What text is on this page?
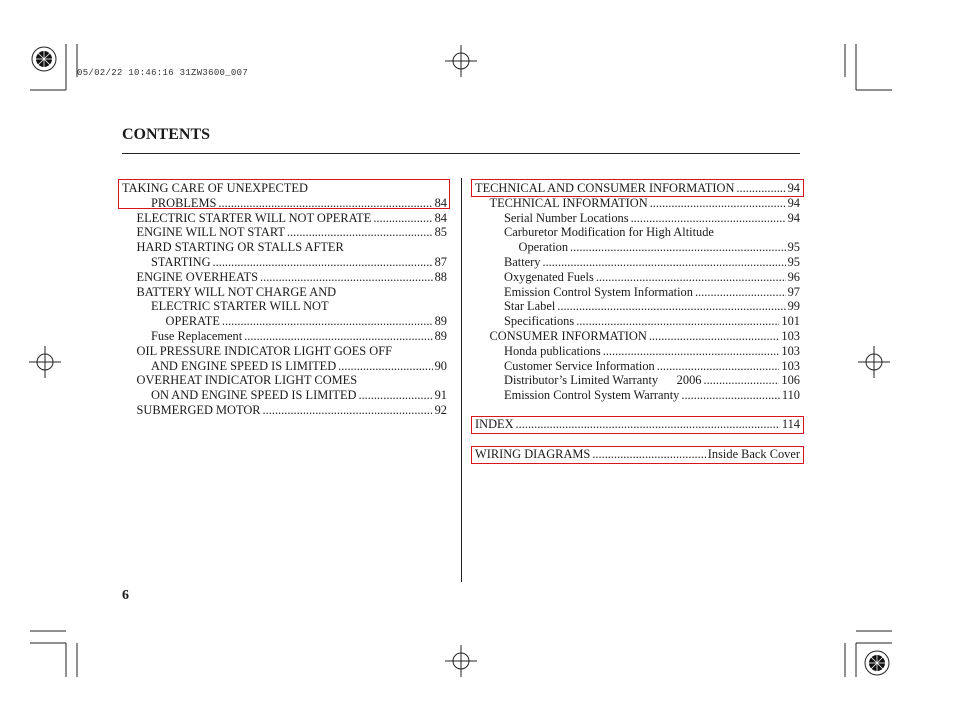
05/02/22 10:46:16 31ZW3600_007
CONTENTS
TAKING CARE OF UNEXPECTED
PROBLEMS .....	84
ELECTRIC STARTER WILL NOT OPERATE .....	84
ENGINE WILL NOT START .....	85
HARD STARTING OR STALLS AFTER
STARTING .....	87
ENGINE OVERHEATS .....	88
BATTERY WILL NOT CHARGE AND
ELECTRIC STARTER WILL NOT
OPERATE .....	89
Fuse Replacement .....	89
OIL PRESSURE INDICATOR LIGHT GOES OFF
AND ENGINE SPEED IS LIMITED .....	90
OVERHEAT INDICATOR LIGHT COMES
ON AND ENGINE SPEED IS LIMITED .....	91
SUBMERGED MOTOR .....	92
TECHNICAL AND CONSUMER INFORMATION .....	94
TECHNICAL INFORMATION .....	94
Serial Number Locations .....	94
Carburetor Modification for High Altitude
Operation .....	95
Battery .....	95
Oxygenated Fuels .....	96
Emission Control System Information .....	97
Star Label .....	99
Specifications .....	101
CONSUMER INFORMATION .....	103
Honda publications .....	103
Customer Service Information .....	103
Distributor’s Limited Warranty      2006 .....	106
Emission Control System Warranty .....	110
INDEX .....	114
WIRING DIAGRAMS .....	Inside Back Cover
6
